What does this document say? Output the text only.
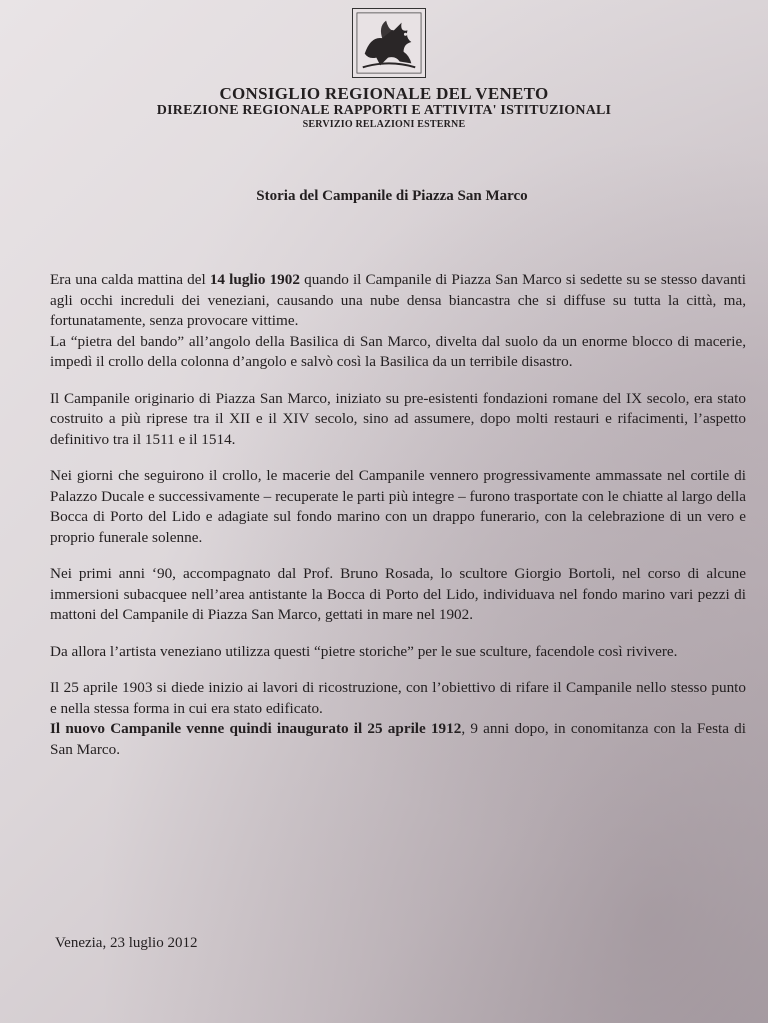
CONSIGLIO REGIONALE DEL VENETO
DIREZIONE REGIONALE RAPPORTI E ATTIVITA' ISTITUZIONALI
SERVIZIO RELAZIONI ESTERNE
Storia del Campanile di Piazza San Marco

Era una calda mattina del 14 luglio 1902 quando il Campanile di Piazza San Marco si sedette su se stesso davanti agli occhi increduli dei veneziani, causando una nube densa biancastra che si diffuse su tutta la città, ma, fortunatamente, senza provocare vittime.

La “pietra del bando” all’angolo della Basilica di San Marco, divelta dal suolo da un enorme blocco di macerie, impedì il crollo della colonna d’angolo e salvò così la Basilica da un terribile disastro.

Il Campanile originario di Piazza San Marco, iniziato su pre-esistenti fondazioni romane del IX secolo, era stato costruito a più riprese tra il XII e il XIV secolo, sino ad assumere, dopo molti restauri e rifacimenti, l’aspetto definitivo tra il 1511 e il 1514.

Nei giorni che seguirono il crollo, le macerie del Campanile vennero progressivamente ammassate nel cortile di Palazzo Ducale e successivamente – recuperate le parti più integre – furono trasportate con le chiatte al largo della Bocca di Porto del Lido e adagiate sul fondo marino con un drappo funerario, con la celebrazione di un vero e proprio funerale solenne.

Nei primi anni ‘90, accompagnato dal Prof. Bruno Rosada, lo scultore Giorgio Bortoli, nel corso di alcune immersioni subacquee nell’area antistante la Bocca di Porto del Lido, individuava nel fondo marino vari pezzi di mattoni del Campanile di Piazza San Marco, gettati in mare nel 1902.

Da allora l’artista veneziano utilizza questi “pietre storiche” per le sue sculture, facendole così rivivere.

Il 25 aprile 1903 si diede inizio ai lavori di ricostruzione, con l’obiettivo di rifare il Campanile nello stesso punto e nella stessa forma in cui era stato edificato.

Il nuovo Campanile venne quindi inaugurato il 25 aprile 1912, 9 anni dopo, in conomitanza con la Festa di San Marco.

Venezia, 23 luglio 2012
